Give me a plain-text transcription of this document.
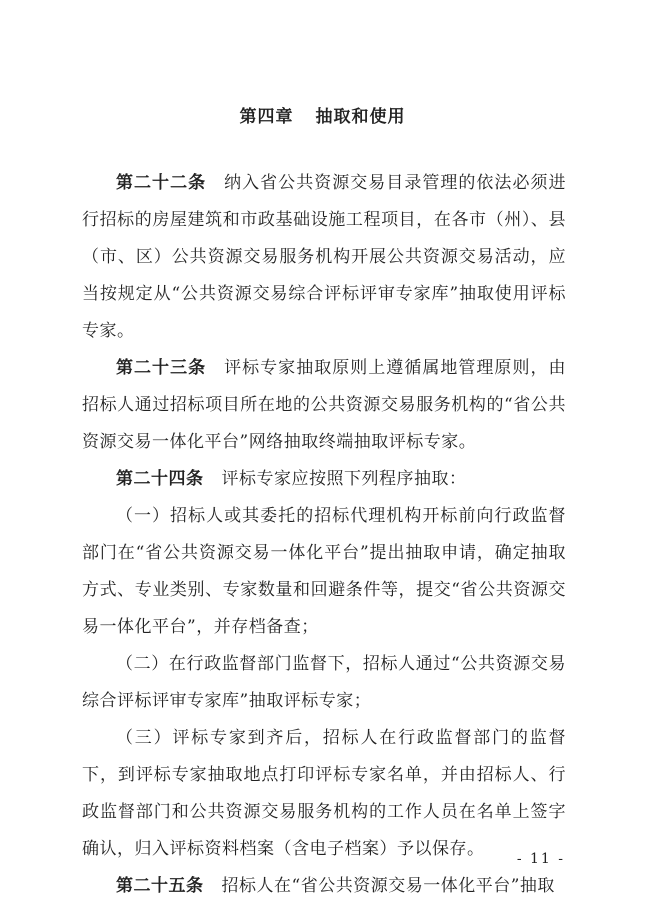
第四章 抽取和使用

第二十二条 纳入省公共资源交易目录管理的依法必须进行招标的房屋建筑和市政基础设施工程项目，在各市（州）、县（市、区）公共资源交易服务机构开展公共资源交易活动，应当按规定从“公共资源交易综合评标评审专家库”抽取使用评标专家。

第二十三条 评标专家抽取原则上遵循属地管理原则，由招标人通过招标项目所在地的公共资源交易服务机构的“省公共资源交易一体化平台”网络抽取终端抽取评标专家。

第二十四条 评标专家应按照下列程序抽取：

（一）招标人或其委托的招标代理机构开标前向行政监督部门在“省公共资源交易一体化平台”提出抽取申请，确定抽取方式、专业类别、专家数量和回避条件等，提交“省公共资源交易一体化平台”，并存档备查；

（二）在行政监督部门监督下，招标人通过“公共资源交易综合评标评审专家库”抽取评标专家；

（三）评标专家到齐后，招标人在行政监督部门的监督下，到评标专家抽取地点打印评标专家名单，并由招标人、行政监督部门和公共资源交易服务机构的工作人员在名单上签字确认，归入评标资料档案（含电子档案）予以保存。

第二十五条 招标人在“省公共资源交易一体化平台”抽取

- 11 -
